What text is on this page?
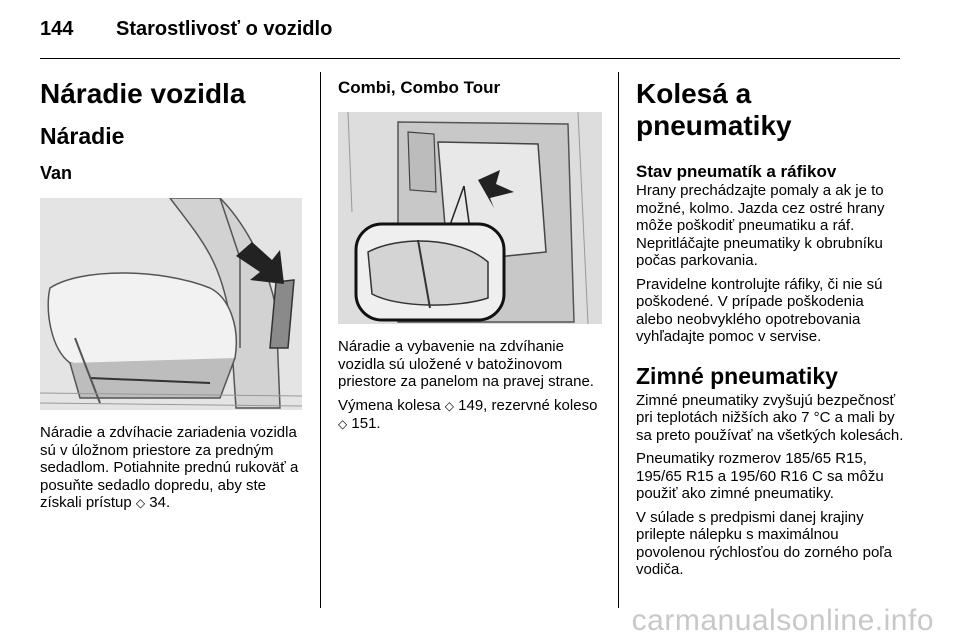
144 Starostlivosť o vozidlo
Náradie vozidla
Náradie
Van

Náradie a zdvíhacie zariadenia vozidla sú v úložnom priestore za predným sedadlom. Potiahnite prednú rukoväť a posuňte sedadlo dopredu, aby ste získali prístup ◇ 34.

Combi, Combo Tour

Náradie a vybavenie na zdvíhanie vozidla sú uložené v batožinovom priestore za panelom na pravej strane.

Výmena kolesa ◇ 149, rezervné koleso ◇ 151.

Kolesá a pneumatiky
Stav pneumatík a ráfikov

Hrany prechádzajte pomaly a ak je to možné, kolmo. Jazda cez ostré hrany môže poškodiť pneumatiku a ráf. Nepritláčajte pneumatiky k obrubníku počas parkovania.

Pravidelne kontrolujte ráfiky, či nie sú poškodené. V prípade poškodenia alebo neobvyklého opotrebovania vyhľadajte pomoc v servise.

Zimné pneumatiky

Zimné pneumatiky zvyšujú bezpečnosť pri teplotách nižších ako 7 °C a mali by sa preto používať na všetkých kolesách.

Pneumatiky rozmerov 185/65 R15, 195/65 R15 a 195/60 R16 C sa môžu použiť ako zimné pneumatiky.

V súlade s predpismi danej krajiny prilepte nálepku s maximálnou povolenou rýchlosťou do zorného poľa vodiča.

carmanualsonline.info
